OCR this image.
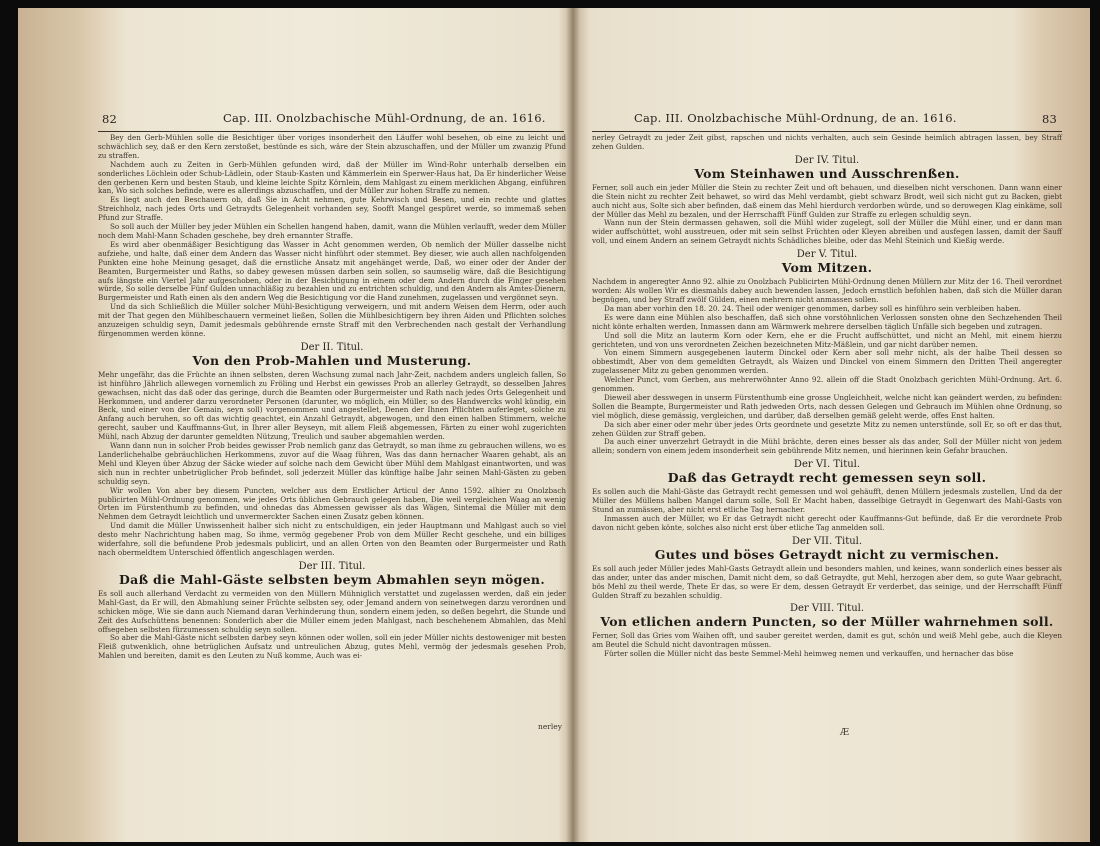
Cap. III. Onolzbachische Mühl-Ordnung, de an. 1616.
82

Bey den Gerb-Mühlen solle die Besichtiger über voriges insonderheit den Läuffer wohl besehen, ob eine zu leicht und schwächlich sey, daß er den Kern zerstoßet, bestünde es sich, wäre der Stein abzuschaffen, und der Müller um zwanzig Pfund zu straffen.

Nachdem auch zu Zeiten in Gerb-Mühlen gefunden wird, daß der Müller im Wind-Rohr unterhalb derselben ein sonderliches Löchlein oder Schub-Lädlein, oder Staub-Kasten und Kämmerlein ein Sperwer-Haus hat, Da Er hinderlicher Weise den gerbenen Kern und besten Staub, und kleine leichte Spitz Körnlein, dem Mahlgast zu einem merklichen Abgang, einführen kan, Wo sich solches befinde, were es allerdings abzuschaffen, und der Müller zur hohen Straffe zu nemen.

Es liegt auch den Beschauern ob, daß Sie in Acht nehmen, gute Kehrwisch und Besen, und ein rechte und glattes Streichholz, nach jedes Orts und Getraydts Gelegenheit vorhanden sey, Soofft Mangel gespüret werde, so immemaß sehen Pfund zur Straffe.

So soll auch der Müller bey jeder Mühlen ein Schellen hangend haben, damit, wann die Mühlen verlaufft, weder dem Müller noch dem Mahl-Mann Schaden geschehe, bey dreh ernannter Straffe.

Es wird aber obenmäßiger Besichtigung das Wasser in Acht genommen werden, Ob nemlich der Müller dasselbe nicht aufziehe, und halte, daß einer dem Andern das Wasser nicht hinführt oder stemmet. Bey dieser, wie auch allen nachfolgenden Punkten eine hohe Meinung gesaget, daß die ernstliche Ansatz mit angehänget werde, Daß, wo einer oder der Ander der Beamten, Burgermeister und Raths, so dabey gewesen müssen darben sein sollen, so saumselig wäre, daß die Besichtigung aufs längste ein Viertel Jahr aufgeschoben, oder in der Besichtigung in einem oder dem Andern durch die Finger gesehen würde, So solle derselbe Fünf Gulden unnachläßig zu bezahlen und zu entrichten schuldig, und den Andern als Amtes-Dienern, Burgermeister und Rath einen als den andern Weg die Besichtigung vor die Hand zunehmen, zugelassen und vergönnet seyn.

Und da sich Schließlich die Müller solcher Mühl-Besichtigung verweigern, und mit andern Weisen dem Herrn, oder auch mit der That gegen den Mühlbeschauern vermeinet ließen, Sollen die Mühlbesichtigern bey ihren Aiden und Pflichten solches anzuzeigen schuldig seyn, Damit jedesmals gebührende ernste Straff mit den Verbrechenden nach gestalt der Verhandlung fürgenommen werden könne.

Der II. Titul.
Von den Prob-Mahlen und Musterung.

Mehr ungefähr, das die Früchte an ihnen selbsten, deren Wachsung zumal nach Jahr-Zeit, nachdem anders ungleich fallen, So ist hinführo Jährlich allewegen vornemlich zu Fröling und Herbst ein gewisses Prob an allerley Getraydt, so desselben Jahres gewachsen, nicht das daß oder das geringe, durch die Beamten oder Burgermeister und Rath nach jedes Orts Gelegenheit und Herkommen, und anderer darzu verordneter Personen (darunter, wo möglich, ein Müller, so des Handwercks wohl kündig, ein Beck, und einer von der Gemain, seyn soll) vorgenommen und angestellet, Denen der Ihnen Pflichten auferleget, solche zu Anfang auch beruhen, so oft das wichtig geachtet, ein Anzahl Getraydt, abgewogen, und den einen halben Stimmern, welche gerecht, sauber und Kauffmanns-Gut, in Ihrer aller Beyseyn, mit allem Fleiß abgemessen, Färten zu einer wohl zugerichten Mühl, nach Abzug der darunter gemeldten Nützung, Treulich und sauber abgemahlen werden.

Wann dann nun in solcher Prob beides gewisser Prob nemlich ganz das Getraydt, so man ihme zu gebrauchen willens, wo es Landerlichehalbe gebräuchlichen Herkommens, zuvor auf die Waag führen, Was das dann hernacher Waaren gehabt, als an Mehl und Kleyen über Abzug der Säcke wieder auf solche nach dem Gewicht über Mühl dem Mahlgast einantworten, und was sich nun in rechter unbetrüglicher Prob befindet, soll jederzeit Müller das künftige halbe Jahr seinen Mahl-Gästen zu geben schuldig seyn.

Wir wollen Von aber bey diesem Puncten, welcher aus dem Erstlicher Articul der Anno 1592. alhier zu Onolzbach publicirten Mühl-Ordnung genommen, wie jedes Orts üblichen Gebrauch gelegen haben, Die weil vergleichen Waag an wenig Orten im Fürstenthumb zu befinden, und ohnedas das Abmessen gewisser als das Wägen, Sintemal die Müller mit dem Nehmen dem Getraydt leichtlich und unvermerckter Sachen einen Zusatz geben können.

Und damit die Müller Unwissenheit halber sich nicht zu entschuldigen, ein jeder Hauptmann und Mahlgast auch so viel desto mehr Nachrichtung haben mag, So ihme, vermög gegebener Prob von dem Müller Recht geschehe, und ein billiges widerfahre, soll die befundene Prob jedesmals publicirt, und an allen Orten von den Beamten oder Burgermeister und Rath nach obermeldtem Unterschied öffentlich angeschlagen werden.

Der III. Titul.
Daß die Mahl-Gäste selbsten beym Abmahlen seyn mögen.

Es soll auch allerhand Verdacht zu vermeiden von den Müllern Mühniglich verstattet und zugelassen werden, daß ein jeder Mahl-Gast, da Er will, den Abmahlung seiner Früchte selbsten sey, oder Jemand andern von seinetwegen darzu verordnen und schicken möge, Wie sie dann auch Niemand daran Verhinderung thun, sondern einem jeden, so deßen begehrt, die Stunde und Zeit des Aufschüttens benennen: Sonderlich aber die Müller einem jeden Mahlgast, nach beschehenem Abmahlen, das Mehl offsegeben selbsten fürzumessen schuldig seyn sollen.

So aber die Mahl-Gäste nicht selbsten darbey seyn können oder wollen, soll ein jeder Müller nichts destoweniger mit besten Fleiß gutwenklich, ohne betrüglichen Aufsatz und untreulichen Abzug, gutes Mehl, vermög der jedesmals gesehen Prob, Mahlen und bereiten, damit es den Leuten zu Nuß komme, Auch was ei-

nerley
Cap. III. Onolzbachische Mühl-Ordnung, de an. 1616.	83

nerley Getraydt zu jeder Zeit gibst, rapschen und nichts verhalten, auch sein Gesinde heimlich abtragen lassen, bey Straff zehen Gulden.

Der IV. Titul.
Vom Steinhawen und Ausschrenßen.

Ferner, soll auch ein jeder Müller die Stein zu rechter Zeit und oft behauen, und dieselben nicht verschonen. Dann wann einer die Stein nicht zu rechter Zeit behawet, so wird das Mehl verdambt, giebt schwarz Brodt, weil sich nicht gut zu Backen, giebt auch nicht aus, Solte sich aber befinden, daß einem das Mehl hierdurch verdorben würde, und so derowegen Klag einkäme, soll der Müller das Mehl zu bezalen, und der Herrschafft Fünff Gulden zur Straffe zu erlegen schuldig seyn.

Wann nun der Stein dermassen gehawen, soll die Mühl wider zugelegt, soll der Müller die Mühl einer, und er dann man wider auffschüttet, wohl ausstreuen, oder mit sein selbst Früchten oder Kleyen abreiben und ausfegen lassen, damit der Sauff voll, und einem Andern an seinem Getraydt nichts Schädliches bleibe, oder das Mehl Steinich und Kießig werde.

Der V. Titul.
Vom Mitzen.

Nachdem in angeregter Anno 92. alhie zu Onolzbach Publicirten Mühl-Ordnung denen Müllern zur Mitz der 16. Theil verordnet worden: Als wollen Wir es diesmahls dabey auch bewenden lassen, Jedoch ernstlich befohlen haben, daß sich die Müller daran begnügen, und bey Straff zwölf Gülden, einen mehrern nicht anmassen sollen.

Da man aber vorhin den 18. 20. 24. Theil oder weniger genommen, darbey soll es hinführo sein verbleiben haben.

Es were dann eine Mühlen also beschaffen, daß sich ohne vorstöhnlichen Verlossen sonsten ohne den Sechzehenden Theil nicht könte erhalten werden, Inmassen dann am Wärmwerk mehrere derselben täglich Unfälle sich begeben und zutragen.

Und soll die Mitz an lauterm Korn oder Kern, ehe er die Frucht auffschüttet, und nicht an Mehl, mit einem hierzu gerichteten, und von uns verordneten Zeichen bezeichneten Mitz-Mäßlein, und gar nicht darüber nemen.

Von einem Simmern ausgegebenen lauterm Dinckel oder Kern aber soll mehr nicht, als der halbe Theil dessen so obbestimdt, Aber von dem gemeldten Getraydt, als Waizen und Dinckel von einem Simmern den Dritten Theil angeregter zugelassener Mitz zu geben genommen werden.

Welcher Punct, vom Gerben, aus mehrerwöhnter Anno 92. allein off die Stadt Onolzbach gerichten Mühl-Ordnung. Art. 6. genommen.

Dieweil aber desswegen in unserm Fürstenthumb eine grosse Ungleichheit, welche nicht kan geändert werden, zu befinden: Sollen die Beampte, Burgermeister und Rath jedweden Orts, nach dessen Gelegen und Gebrauch im Mühlen ohne Ordnung, so viel möglich, diese gemässig, vergleichen, und darüber, daß derselben gemäß geleht werde, offes Enst halten.

Da sich aber einer oder mehr über jedes Orts geordnete und gesetzte Mitz zu nemen unterstünde, soll Er, so oft er das thut, zehen Gülden zur Straff geben.

Da auch einer unverzehrt Getraydt in die Mühl brächte, deren eines besser als das ander, Soll der Müller nicht von jedem allein; sondern von einem jedem insonderheit sein gebührende Mitz nemen, und hierinnen kein Gefahr brauchen.

Der VI. Titul.
Daß das Getraydt recht gemessen seyn soll.

Es sollen auch die Mahl-Gäste das Getraydt recht gemessen und wol gehäufft, denen Müllern jedesmals zustellen, Und da der Müller des Müllens halben Mangel darum solle, Soll Er Macht haben, dasselbige Getraydt in Gegenwart des Mahl-Gasts von Stund an zumässen, aber nicht erst etliche Tag hernacher.

Inmassen auch der Müller, wo Er das Getraydt nicht gerecht oder Kauffmanns-Gut befünde, daß Er die verordnete Prob davon nicht geben könte, solches also nicht erst über etliche Tag anmelden soll.

Der VII. Titul.
Gutes und böses Getraydt nicht zu vermischen.

Es soll auch jeder Müller jedes Mahl-Gasts Getraydt allein und besonders mahlen, und keines, wann sonderlich eines besser als das ander, unter das ander mischen, Damit nicht dem, so daß Getraydte, gut Mehl, herzogen aber dem, so gute Waar gebracht, bös Mehl zu theil werde, Thete Er das, so were Er dem, dessen Getraydt Er verderbet, das seinige, und der Herrschafft Fünff Gulden Straff zu bezahlen schuldig.

Der VIII. Titul.
Von etlichen andern Puncten, so der Müller wahrnehmen soll.

Ferner, Soll das Gries vom Waihen offt, und sauber gereitet werden, damit es gut, schön und weiß Mehl gebe, auch die Kleyen am Beutel die Schuld nicht davontragen müssen.

Fürter sollen die Müller nicht das beste Semmel-Mehl heimweg nemen und verkauffen, und hernacher das böse

Æ
